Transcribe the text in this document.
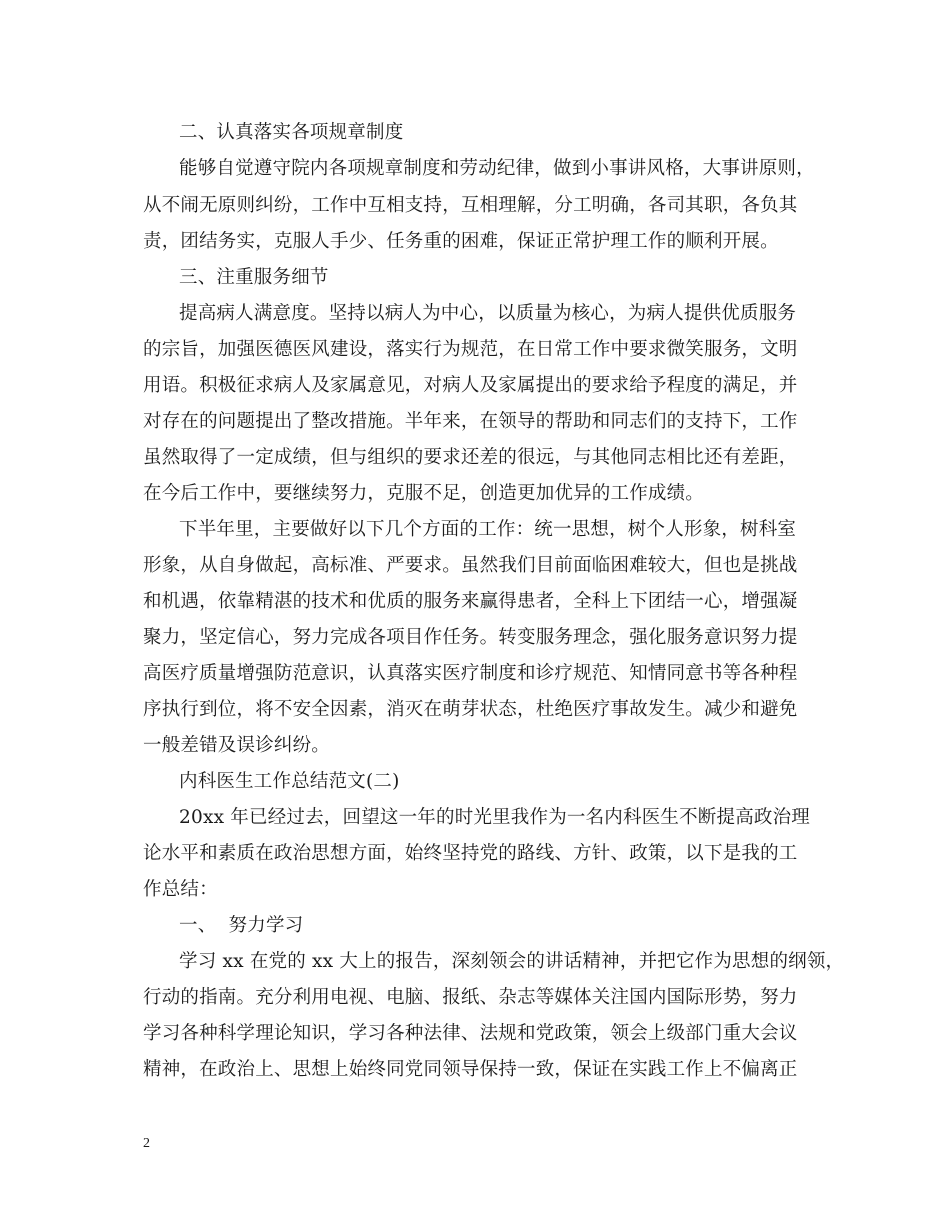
二、认真落实各项规章制度
能够自觉遵守院内各项规章制度和劳动纪律，做到小事讲风格，大事讲原则，
从不闹无原则纠纷，工作中互相支持，互相理解，分工明确，各司其职，各负其
责，团结务实，克服人手少、任务重的困难，保证正常护理工作的顺利开展。
三、注重服务细节
提高病人满意度。坚持以病人为中心，以质量为核心，为病人提供优质服务
的宗旨，加强医德医风建设，落实行为规范，在日常工作中要求微笑服务，文明
用语。积极征求病人及家属意见，对病人及家属提出的要求给予程度的满足，并
对存在的问题提出了整改措施。半年来，在领导的帮助和同志们的支持下，工作
虽然取得了一定成绩，但与组织的要求还差的很远，与其他同志相比还有差距，
在今后工作中，要继续努力，克服不足，创造更加优异的工作成绩。
下半年里，主要做好以下几个方面的工作：统一思想，树个人形象，树科室
形象，从自身做起，高标准、严要求。虽然我们目前面临困难较大，但也是挑战
和机遇，依靠精湛的技术和优质的服务来赢得患者，全科上下团结一心，增强凝
聚力，坚定信心，努力完成各项目作任务。转变服务理念，强化服务意识努力提
高医疗质量增强防范意识，认真落实医疗制度和诊疗规范、知情同意书等各种程
序执行到位，将不安全因素，消灭在萌芽状态，杜绝医疗事故发生。减少和避免
一般差错及误诊纠纷。
内科医生工作总结范文(二)
20xx 年已经过去，回望这一年的时光里我作为一名内科医生不断提高政治理
论水平和素质在政治思想方面，始终坚持党的路线、方针、政策，以下是我的工
作总结：
一、  努力学习
学习 xx 在党的 xx 大上的报告，深刻领会的讲话精神，并把它作为思想的纲领，
行动的指南。充分利用电视、电脑、报纸、杂志等媒体关注国内国际形势，努力
学习各种科学理论知识，学习各种法律、法规和党政策，领会上级部门重大会议
精神，在政治上、思想上始终同党同领导保持一致，保证在实践工作上不偏离正
2
